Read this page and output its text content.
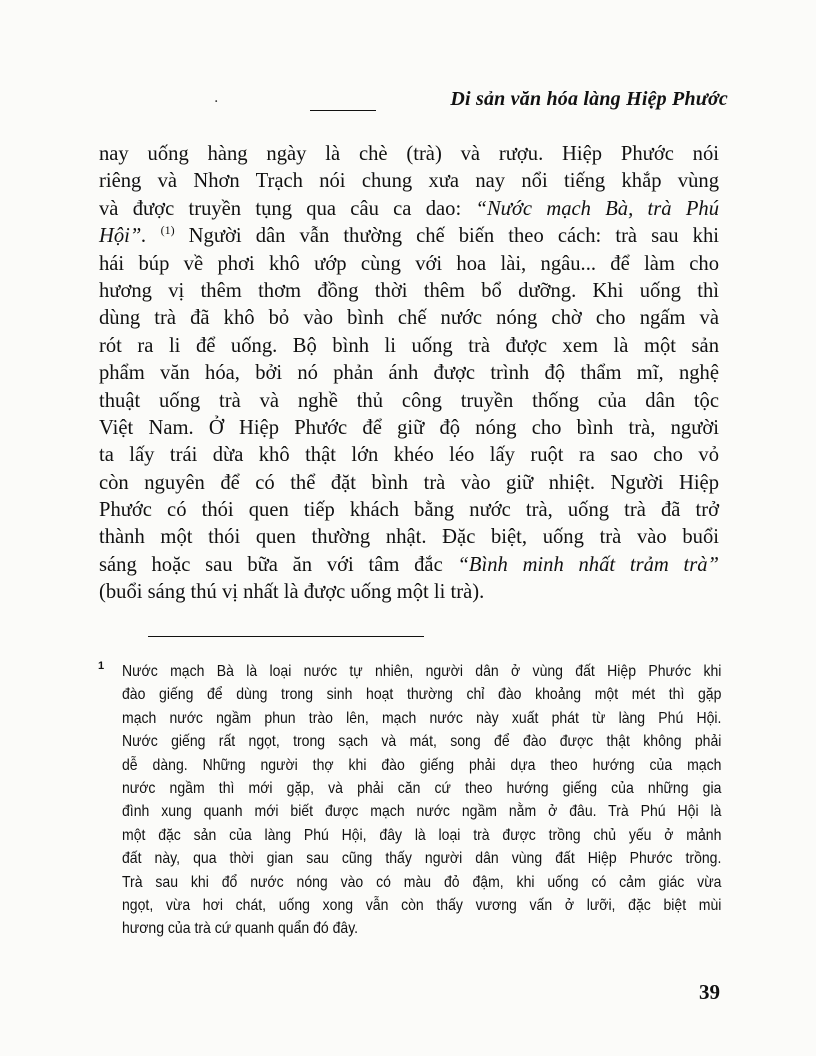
·	Di sản văn hóa làng Hiệp Phước
nay uống hàng ngày là chè (trà) và rượu. Hiệp Phước nói
riêng và Nhơn Trạch nói chung xưa nay nổi tiếng khắp vùng
và được truyền tụng qua câu ca dao: “Nước mạch Bà, trà Phú
Hội”. $^{(1)}$ Người dân vẫn thường chế biến theo cách: trà sau khi
hái búp về phơi khô ướp cùng với hoa lài, ngâu... để làm cho
hương vị thêm thơm đồng thời thêm bổ dưỡng. Khi uống thì
dùng trà đã khô bỏ vào bình chế nước nóng chờ cho ngấm và
rót ra li để uống. Bộ bình li uống trà được xem là một sản
phẩm văn hóa, bởi nó phản ánh được trình độ thẩm mĩ, nghệ
thuật uống trà và nghề thủ công truyền thống của dân tộc
Việt Nam. Ở Hiệp Phước để giữ độ nóng cho bình trà, người
ta lấy trái dừa khô thật lớn khéo léo lấy ruột ra sao cho vỏ
còn nguyên để có thể đặt bình trà vào giữ nhiệt. Người Hiệp
Phước có thói quen tiếp khách bằng nước trà, uống trà đã trở
thành một thói quen thường nhật. Đặc biệt, uống trà vào buổi
sáng hoặc sau bữa ăn với tâm đắc “Bình minh nhất trảm trà”
(buổi sáng thú vị nhất là được uống một li trà).
1 Nước mạch Bà là loại nước tự nhiên, người dân ở vùng đất Hiệp Phước khi
đào giếng để dùng trong sinh hoạt thường chỉ đào khoảng một mét thì gặp
mạch nước ngầm phun trào lên, mạch nước này xuất phát từ làng Phú Hội.
Nước giếng rất ngọt, trong sạch và mát, song để đào được thật không phải
dễ dàng. Những người thợ khi đào giếng phải dựa theo hướng của mạch
nước ngầm thì mới gặp, và phải căn cứ theo hướng giếng của những gia
đình xung quanh mới biết được mạch nước ngầm nằm ở đâu. Trà Phú Hội là
một đặc sản của làng Phú Hội, đây là loại trà được trồng chủ yếu ở mảnh
đất này, qua thời gian sau cũng thấy người dân vùng đất Hiệp Phước trồng.
Trà sau khi đổ nước nóng vào có màu đỏ đậm, khi uống có cảm giác vừa
ngọt, vừa hơi chát, uống xong vẫn còn thấy vương vấn ở lưỡi, đặc biệt mùi
hương của trà cứ quanh quẩn đó đây.
39
